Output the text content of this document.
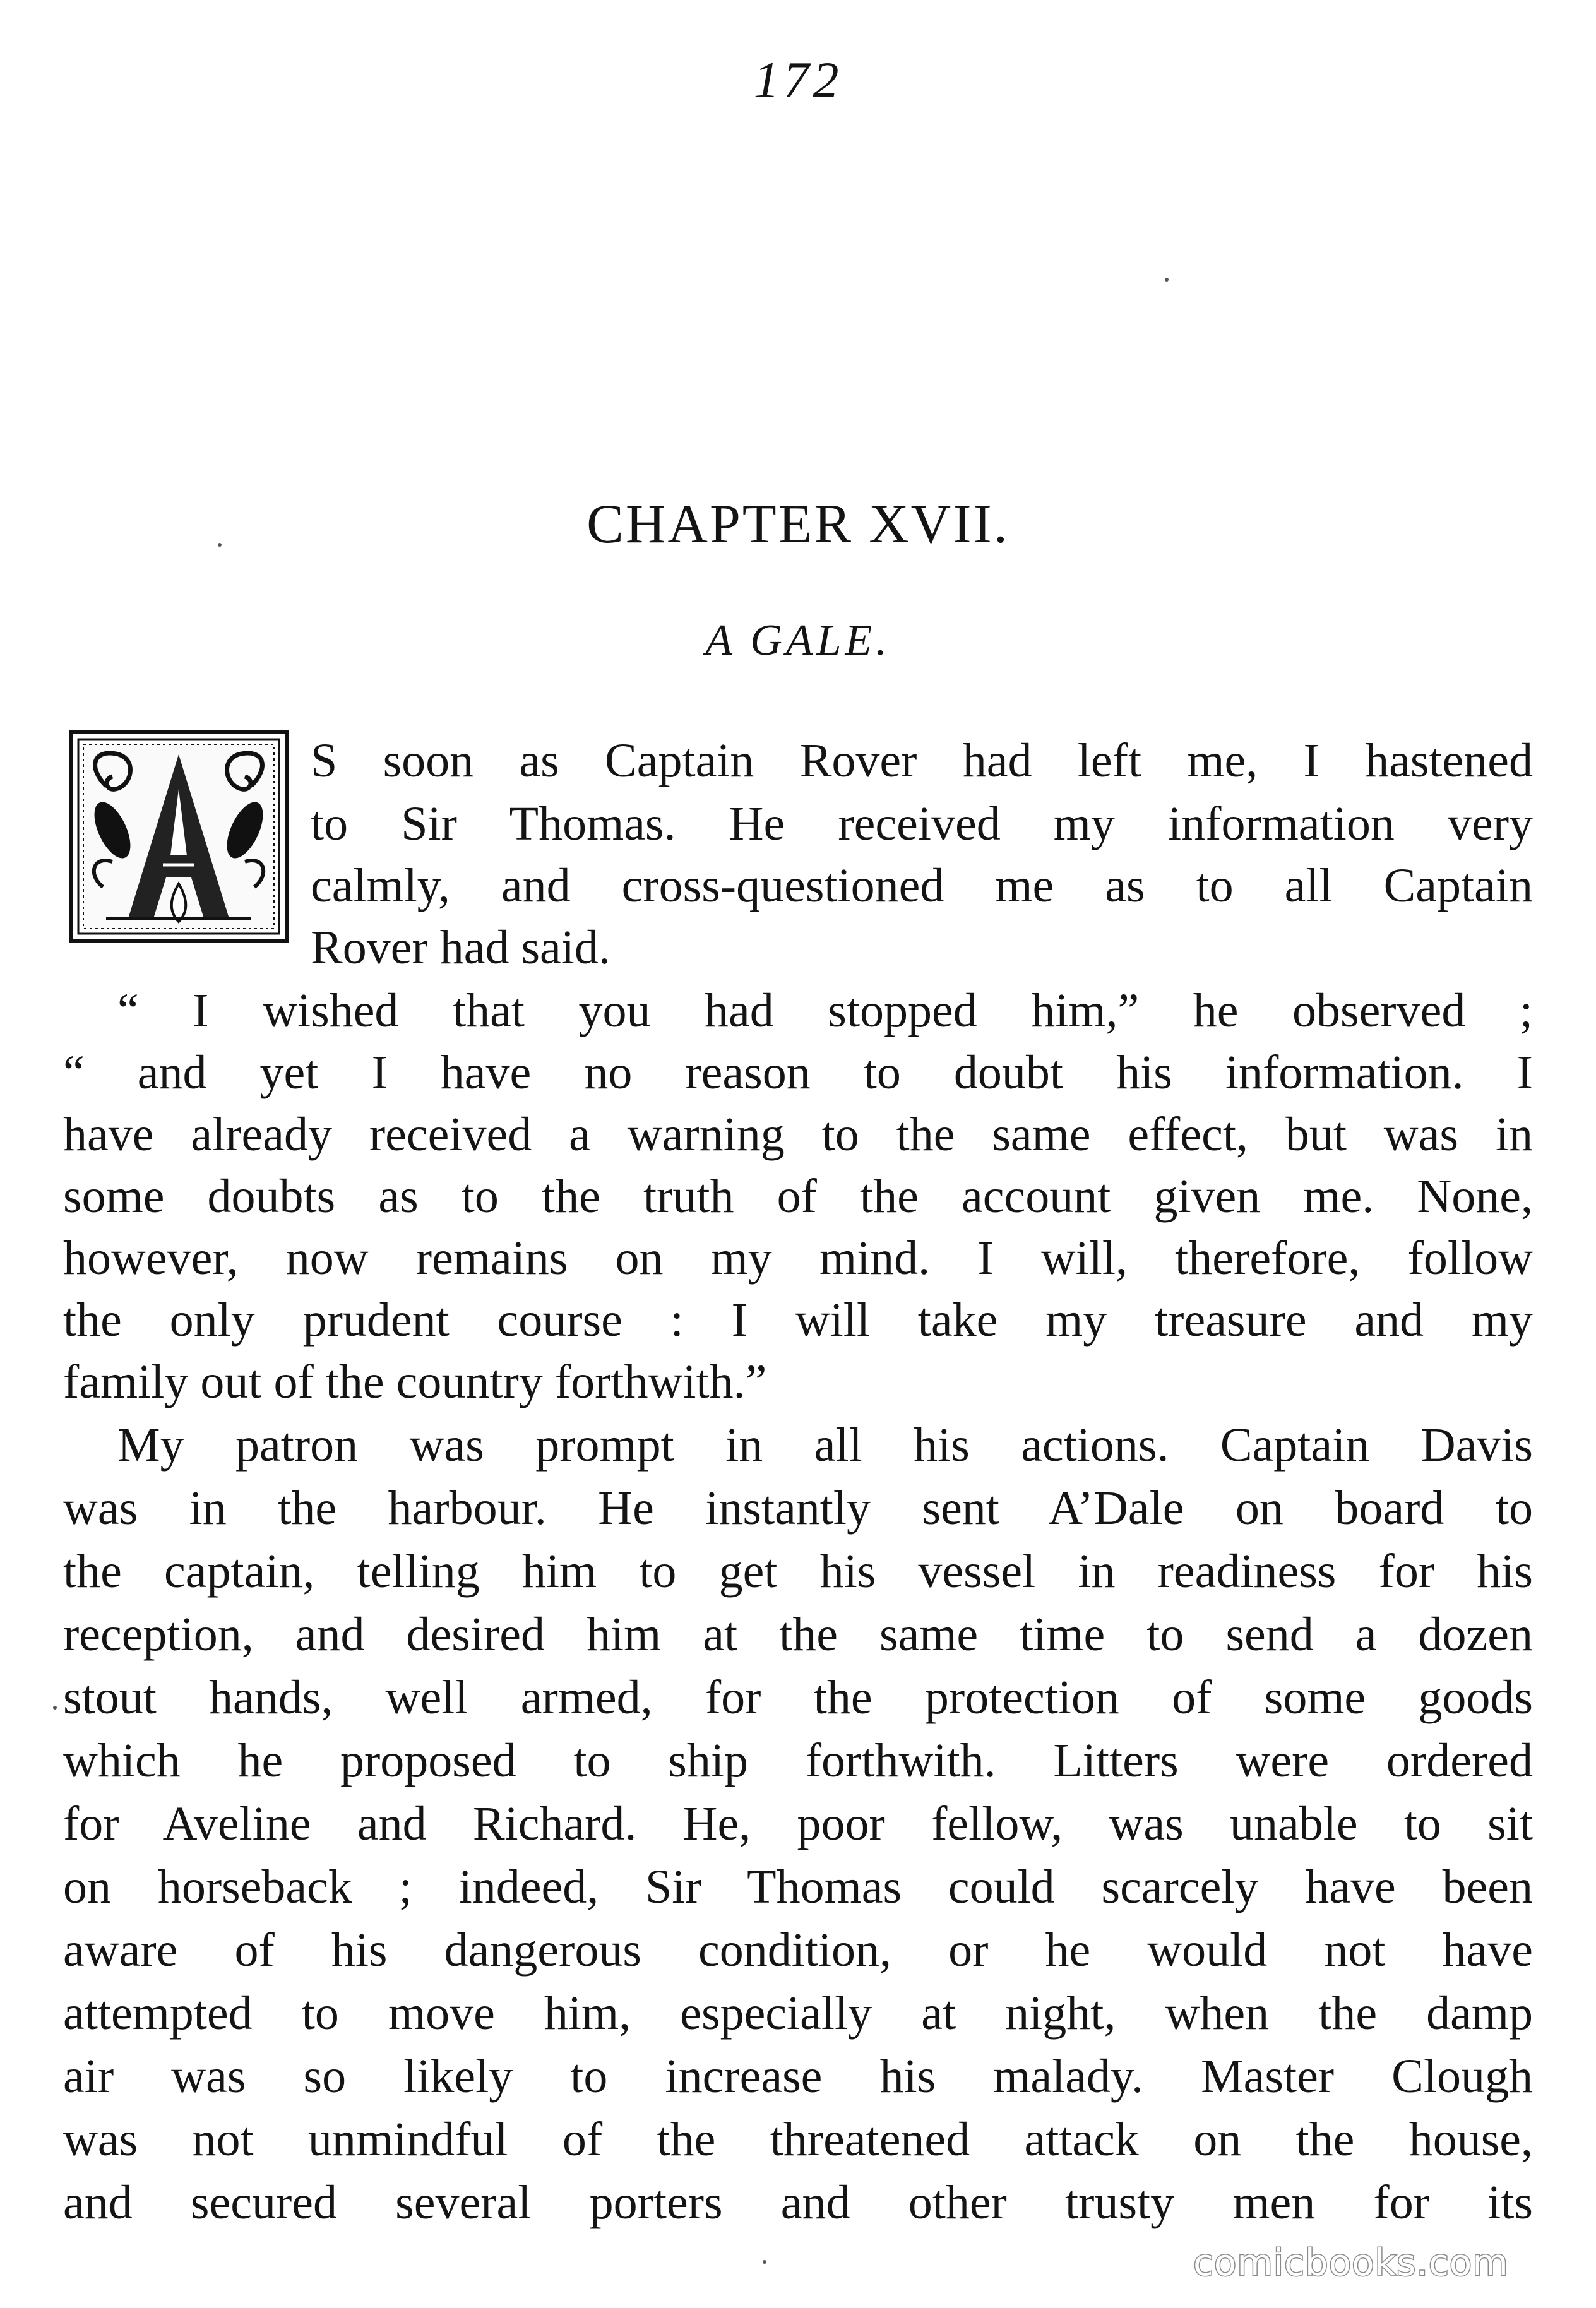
172
CHAPTER XVII.
A GALE.
S soon as Captain Rover had left me, I hastened
to Sir Thomas. He received my information very
calmly, and cross-questioned me as to all Captain
Rover had said.
“ I wished that you had stopped him,” he observed ;
“ and yet I have no reason to doubt his information. I
have already received a warning to the same effect, but was in
some doubts as to the truth of the account given me. None,
however, now remains on my mind. I will, therefore, follow
the only prudent course : I will take my treasure and my
family out of the country forthwith.”
My patron was prompt in all his actions. Captain Davis
was in the harbour. He instantly sent A’Dale on board to
the captain, telling him to get his vessel in readiness for his
reception, and desired him at the same time to send a dozen
stout hands, well armed, for the protection of some goods
which he proposed to ship forthwith. Litters were ordered
for Aveline and Richard. He, poor fellow, was unable to sit
on horseback ; indeed, Sir Thomas could scarcely have been
aware of his dangerous condition, or he would not have
attempted to move him, especially at night, when the damp
air was so likely to increase his malady. Master Clough
was not unmindful of the threatened attack on the house,
and secured several porters and other trusty men for its
comicbooks.com
